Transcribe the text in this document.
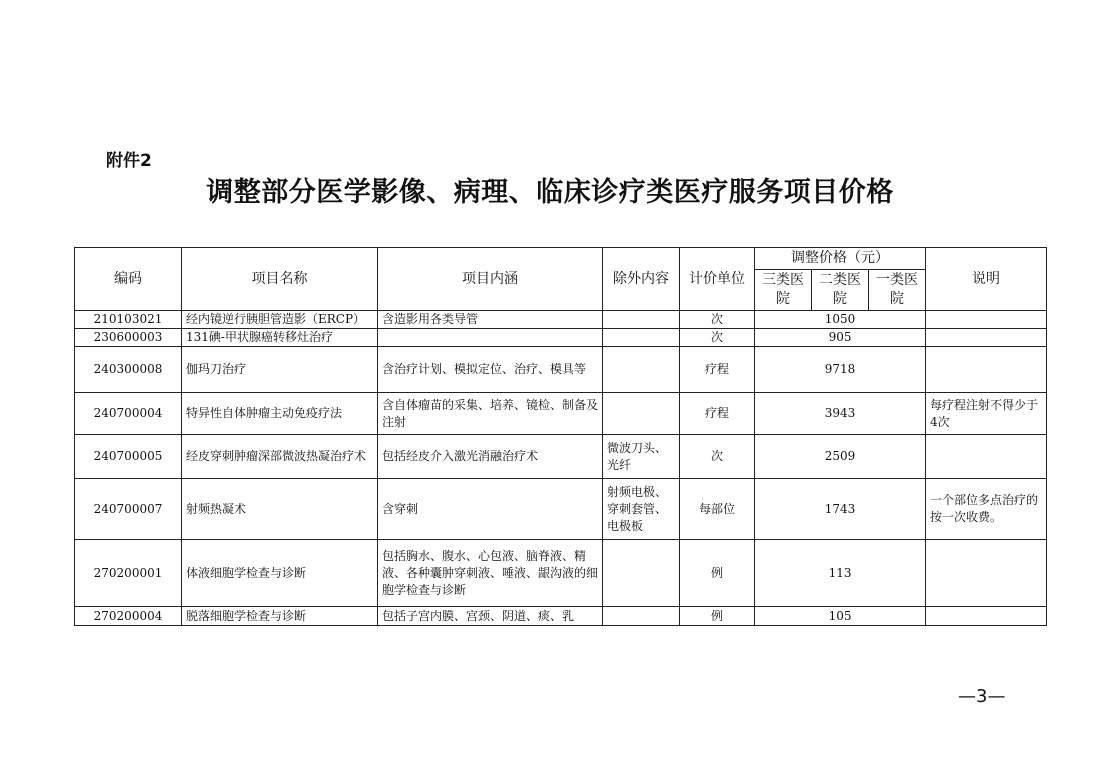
附件2
调整部分医学影像、病理、临床诊疗类医疗服务项目价格
编码	项目名称	项目内涵	除外内容	计价单位	调整价格（元）			说明
					三类医院	二类医院	一类医院	
210103021	经内镜逆行胰胆管造影（ERCP）	含造影用各类导管		次	1050			
230600003	131碘-甲状腺癌转移灶治疗			次	905			
240300008	伽玛刀治疗	含治疗计划、模拟定位、治疗、模具等		疗程	9718			
240700004	特异性自体肿瘤主动免疫疗法	含自体瘤苗的采集、培养、镜检、制备及注射		疗程	3943			每疗程注射不得少于4次
240700005	经皮穿刺肿瘤深部微波热凝治疗术	包括经皮介入激光消融治疗术	微波刀头、光纤	次	2509			
240700007	射频热凝术	含穿刺	射频电极、穿刺套管、电极板	每部位	1743			一个部位多点治疗的按一次收费。
270200001	体液细胞学检查与诊断	包括胸水、腹水、心包液、脑脊液、精液、各种囊肿穿刺液、唾液、龈沟液的细胞学检查与诊断		例	113			
270200004	脱落细胞学检查与诊断	包括子宫内膜、宫颈、阴道、痰、乳		例	105			
—3—
